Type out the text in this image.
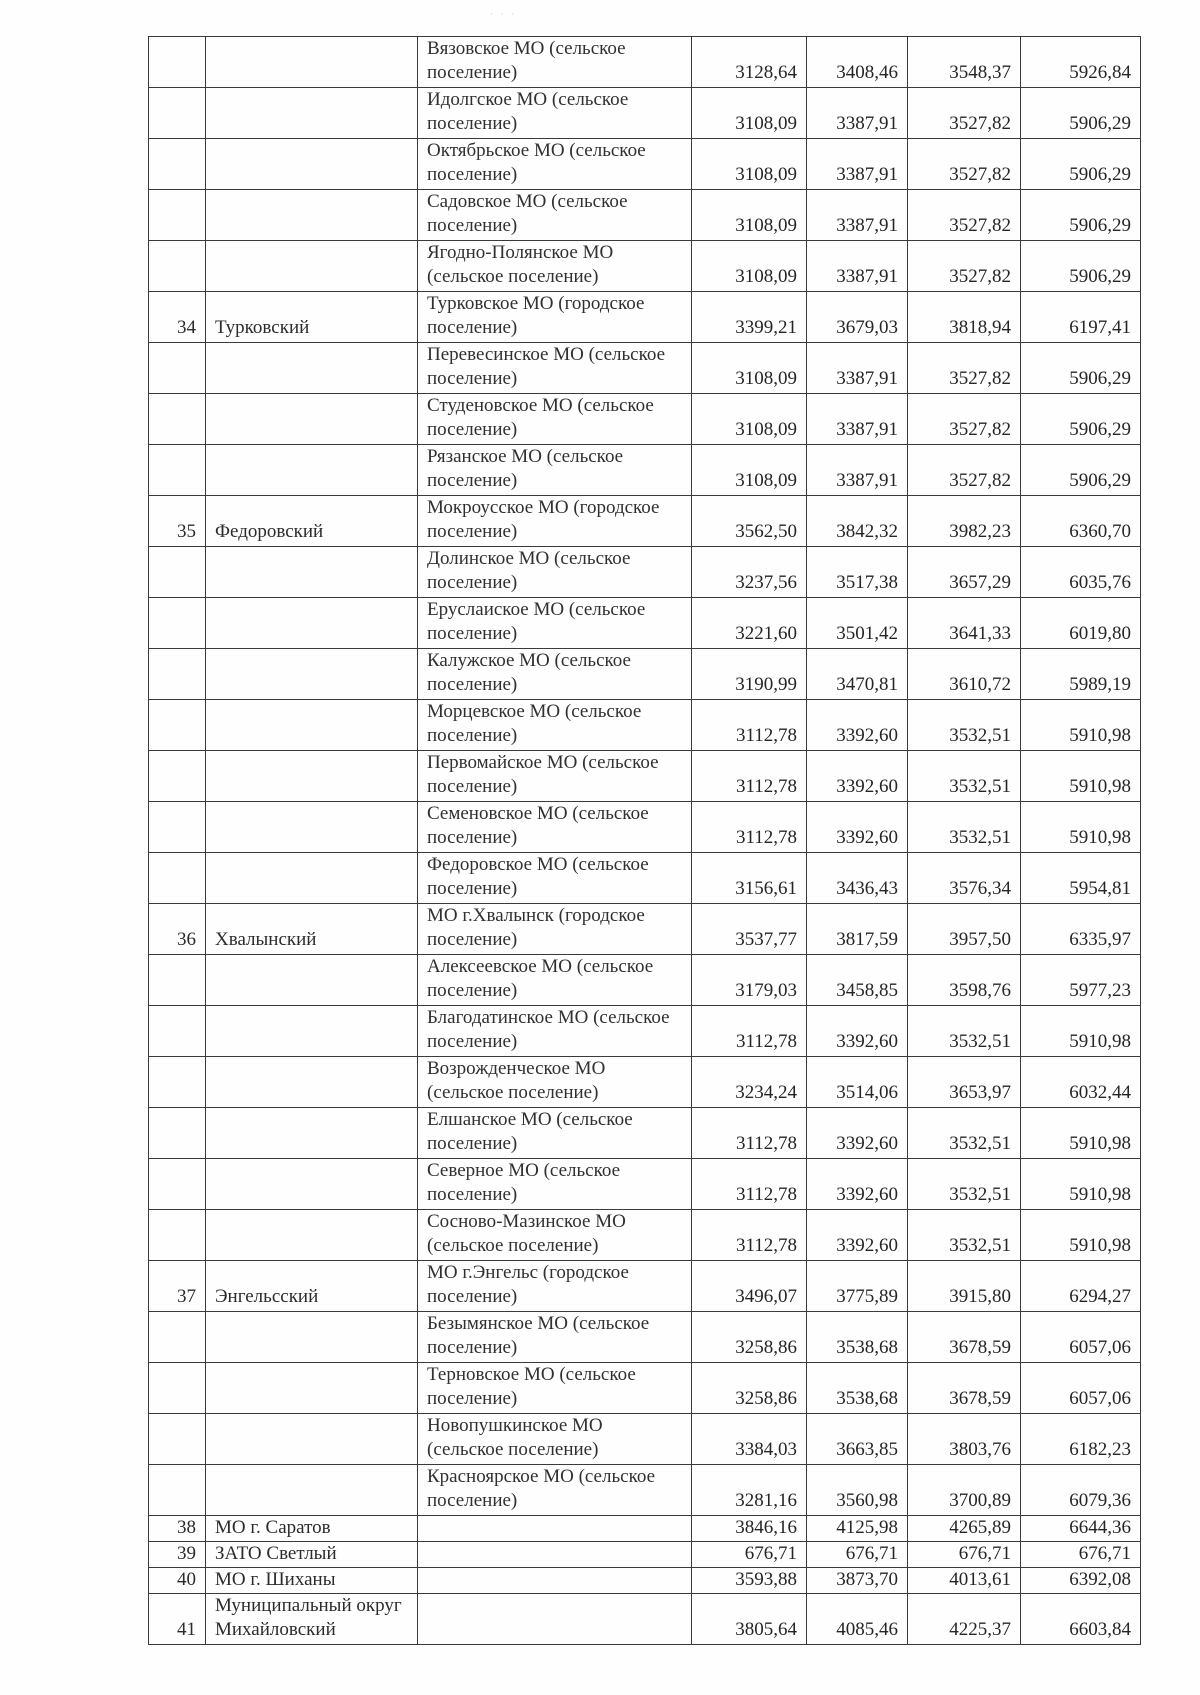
· · ·
		Вязовское МО (сельское поселение)	3128,64	3408,46	3548,37	5926,84
		Идолгское МО (сельское поселение)	3108,09	3387,91	3527,82	5906,29
		Октябрьское МО (сельское поселение)	3108,09	3387,91	3527,82	5906,29
		Садовское МО (сельское поселение)	3108,09	3387,91	3527,82	5906,29
		Ягодно-Полянское МО (сельское поселение)	3108,09	3387,91	3527,82	5906,29
34	Турковский	Турковское МО (городское поселение)	3399,21	3679,03	3818,94	6197,41
		Перевесинское МО (сельское поселение)	3108,09	3387,91	3527,82	5906,29
		Студеновское МО (сельское поселение)	3108,09	3387,91	3527,82	5906,29
		Рязанское МО (сельское поселение)	3108,09	3387,91	3527,82	5906,29
35	Федоровский	Мокроусское МО (городское поселение)	3562,50	3842,32	3982,23	6360,70
		Долинское МО (сельское поселение)	3237,56	3517,38	3657,29	6035,76
		Еруслаиское МО (сельское поселение)	3221,60	3501,42	3641,33	6019,80
		Калужское МО (сельское поселение)	3190,99	3470,81	3610,72	5989,19
		Морцевское МО (сельское поселение)	3112,78	3392,60	3532,51	5910,98
		Первомайское МО (сельское поселение)	3112,78	3392,60	3532,51	5910,98
		Семеновское МО (сельское поселение)	3112,78	3392,60	3532,51	5910,98
		Федоровское МО (сельское поселение)	3156,61	3436,43	3576,34	5954,81
36	Хвалынский	МО г.Хвалынск (городское поселение)	3537,77	3817,59	3957,50	6335,97
		Алексеевское МО (сельское поселение)	3179,03	3458,85	3598,76	5977,23
		Благодатинское МО (сельское поселение)	3112,78	3392,60	3532,51	5910,98
		Возрожденческое МО (сельское поселение)	3234,24	3514,06	3653,97	6032,44
		Елшанское МО (сельское поселение)	3112,78	3392,60	3532,51	5910,98
		Северное МО (сельское поселение)	3112,78	3392,60	3532,51	5910,98
		Сосново-Мазинское МО (сельское поселение)	3112,78	3392,60	3532,51	5910,98
37	Энгельсский	МО г.Энгельс (городское поселение)	3496,07	3775,89	3915,80	6294,27
		Безымянское МО (сельское поселение)	3258,86	3538,68	3678,59	6057,06
		Терновское МО (сельское поселение)	3258,86	3538,68	3678,59	6057,06
		Новопушкинское МО (сельское поселение)	3384,03	3663,85	3803,76	6182,23
		Красноярское МО (сельское поселение)	3281,16	3560,98	3700,89	6079,36
38	МО г. Саратов		3846,16	4125,98	4265,89	6644,36
39	ЗАТО Светлый		676,71	676,71	676,71	676,71
40	МО г. Шиханы		3593,88	3873,70	4013,61	6392,08
41	Муниципальный округ Михайловский		3805,64	4085,46	4225,37	6603,84
